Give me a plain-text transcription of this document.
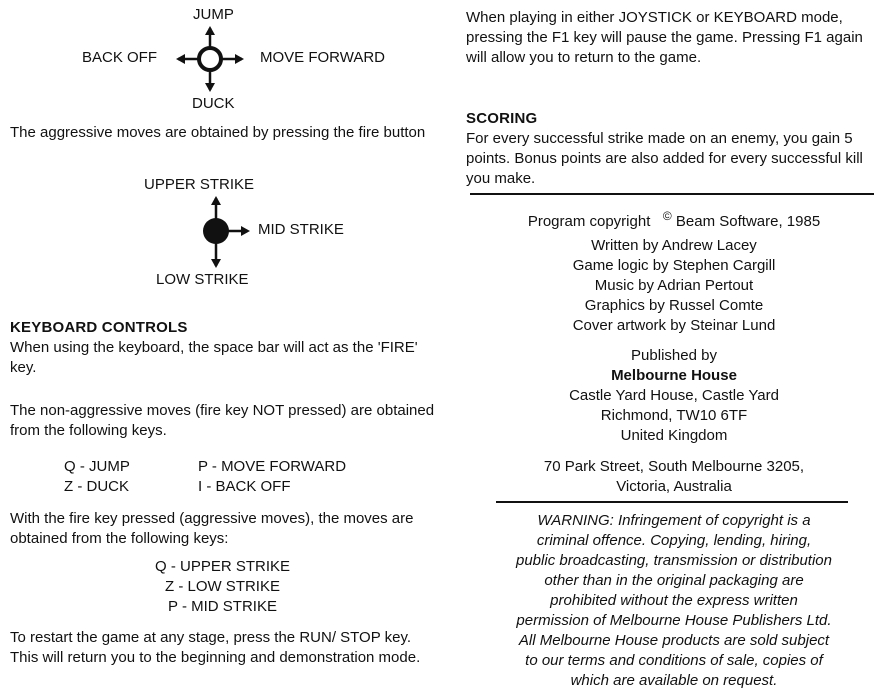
JUMP
BACK OFF	MOVE FORWARD
DUCK

The aggressive moves are obtained by pressing the fire button

UPPER STRIKE
MID STRIKE
LOW STRIKE
KEYBOARD CONTROLS

When using the keyboard, the space bar will act as the 'FIRE' key.

The non-aggressive moves (fire key NOT pressed) are obtained from the following keys.

Q - JUMP
Z - DUCK
P - MOVE FORWARD
I - BACK OFF

With the fire key pressed (aggressive moves), the moves are obtained from the following keys:

Q - UPPER STRIKE
Z - LOW STRIKE
P - MID STRIKE

To restart the game at any stage, press the RUN/ STOP key. This will return you to the beginning and demonstration mode.

When playing in either JOYSTICK or KEYBOARD mode, pressing the F1 key will pause the game. Pressing F1 again will allow you to return to the game.

SCORING

For every successful strike made on an enemy, you gain 5 points. Bonus points are also added for every successful kill you make.

Program copyright © Beam Software, 1985
Written by Andrew Lacey
Game logic by Stephen Cargill
Music by Adrian Pertout
Graphics by Russel Comte
Cover artwork by Steinar Lund
Published by
Melbourne House
Castle Yard House, Castle Yard
Richmond, TW10 6TF
United Kingdom
70 Park Street, South Melbourne 3205,
Victoria, Australia
WARNING: Infringement of copyright is a
criminal offence. Copying, lending, hiring,
public broadcasting, transmission or distribution
other than in the original packaging are
prohibited without the express written
permission of Melbourne House Publishers Ltd.
All Melbourne House products are sold subject
to our terms and conditions of sale, copies of
which are available on request.
